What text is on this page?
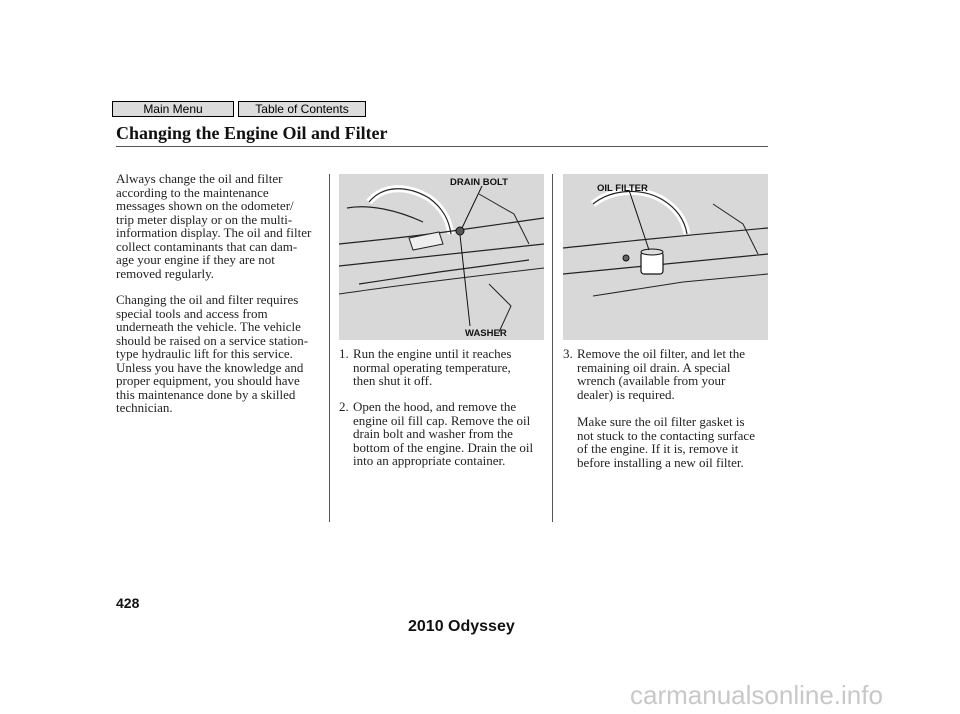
Main Menu	Table of Contents
Changing the Engine Oil and Filter
Always change the oil and filter
according to the maintenance
messages shown on the odometer/
trip meter display or on the multi-
information display. The oil and filter
collect contaminants that can dam-
age your engine if they are not
removed regularly.
Changing the oil and filter requires
special tools and access from
underneath the vehicle. The vehicle
should be raised on a service station-
type hydraulic lift for this service.
Unless you have the knowledge and
proper equipment, you should have
this maintenance done by a skilled
technician.
DRAIN BOLT
WASHER
OIL FILTER
1. Run the engine until it reaches
normal operating temperature,
then shut it off.
2. Open the hood, and remove the
engine oil fill cap. Remove the oil
drain bolt and washer from the
bottom of the engine. Drain the oil
into an appropriate container.
3. Remove the oil filter, and let the
remaining oil drain. A special
wrench (available from your
dealer) is required.
Make sure the oil filter gasket is
not stuck to the contacting surface
of the engine. If it is, remove it
before installing a new oil filter.
428
2010 Odyssey
carmanualsonline.info
